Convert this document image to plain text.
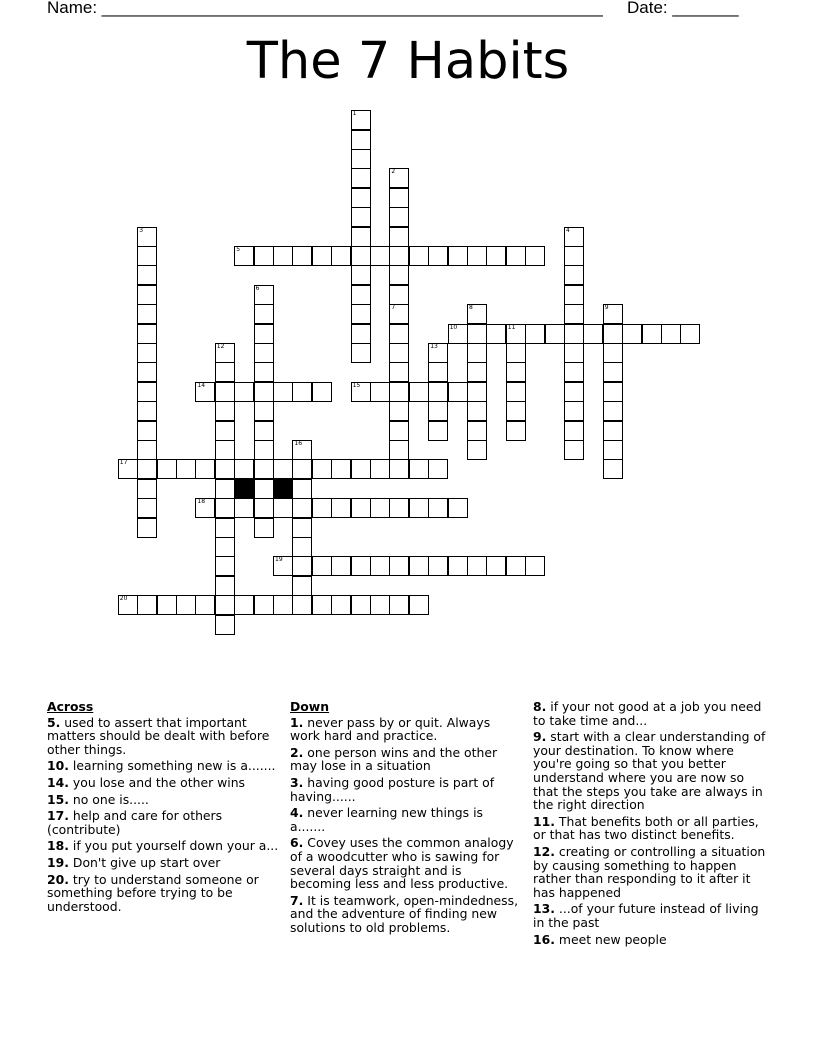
Name: _____________________________________________________ Date: _______
The 7 Habits
5
10	11
14	15
17
18
19
20
1
2
3	4
6
7	8	9
12	13
16
Across
5. used to assert that important matters should be dealt with before other things.
10. learning something new is a.......
14. you lose and the other wins
15. no one is.....
17. help and care for others (contribute)
18. if you put yourself down your a...
19. Don't give up start over
20. try to understand someone or something before trying to be understood.
Down
1. never pass by or quit. Always work hard and practice.
2. one person wins and the other may lose in a situation
3. having good posture is part of having......
4. never learning new things is a.......
6. Covey uses the common analogy of a woodcutter who is sawing for several days straight and is becoming less and less productive.
7. It is teamwork, open-mindedness, and the adventure of finding new solutions to old problems.
8. if your not good at a job you need to take time and...
9. start with a clear understanding of your destination. To know where you're going so that you better understand where you are now so that the steps you take are always in the right direction
11. That benefits both or all parties, or that has two distinct benefits.
12. creating or controlling a situation by causing something to happen rather than responding to it after it has happened
13. ...of your future instead of living in the past
16. meet new people
